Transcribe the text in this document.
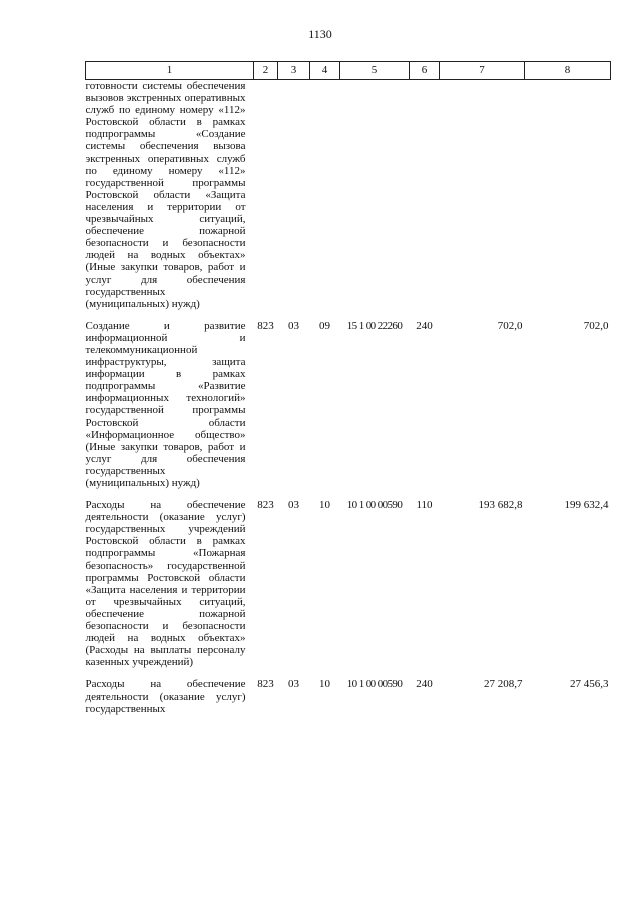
1130
1	2	3	4	5	6	7	8
готовности системы обеспечения вызовов экстренных оперативных служб по единому номеру «112» Ростовской области в рамках подпрограммы «Создание системы обеспечения вызова экстренных оперативных служб по единому номеру «112» государственной программы Ростовской области «Защита населения и территории от чрезвычайных ситуаций, обеспечение пожарной безопасности и безопасности людей на водных объектах» (Иные закупки товаров, работ и услуг для обеспечения государственных (муниципальных) нужд)							
Создание и развитие информационной и телекоммуникационной инфраструктуры, защита информации в рамках подпрограммы «Развитие информационных технологий» государственной программы Ростовской области «Информационное общество» (Иные закупки товаров, работ и услуг для обеспечения государственных (муниципальных) нужд)	823	03	09	15 1 00 22260	240	702,0	702,0
Расходы на обеспечение деятельности (оказание услуг) государственных учреждений Ростовской области в рамках подпрограммы «Пожарная безопасность» государственной программы Ростовской области «Защита населения и территории от чрезвычайных ситуаций, обеспечение пожарной безопасности и безопасности людей на водных объектах» (Расходы на выплаты персоналу казенных учреждений)	823	03	10	10 1 00 00590	110	193 682,8	199 632,4
Расходы на обеспечение деятельности (оказание услуг) государственных	823	03	10	10 1 00 00590	240	27 208,7	27 456,3
